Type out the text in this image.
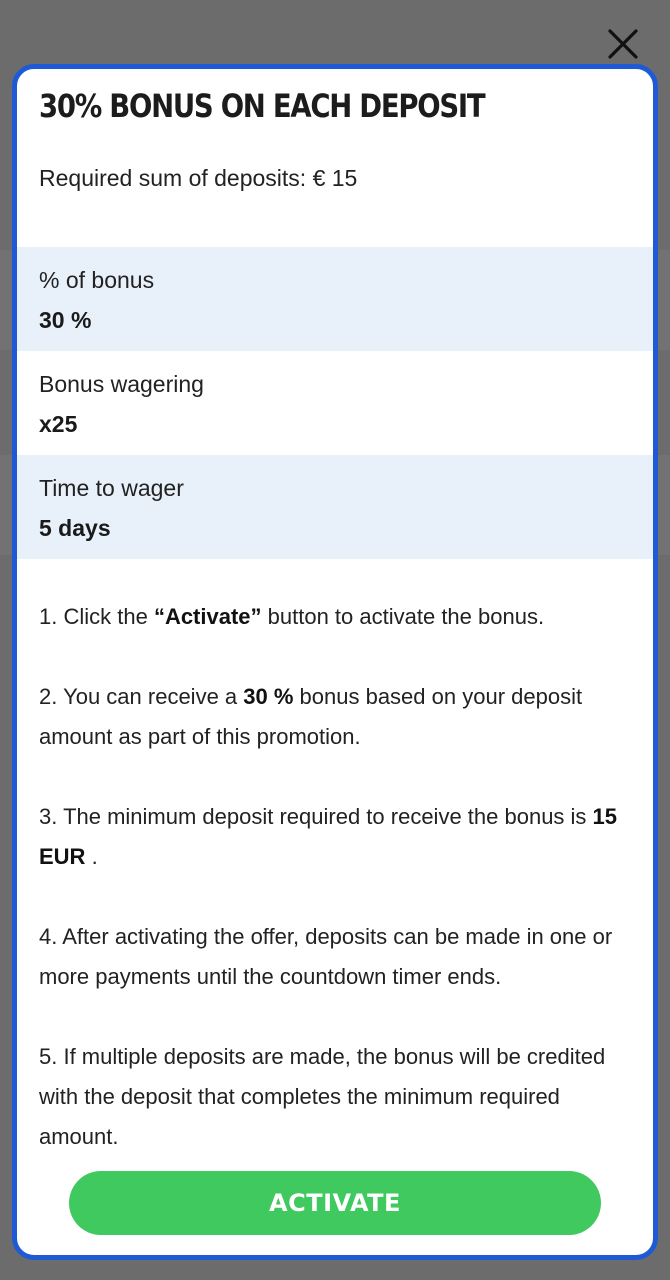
30% BONUS ON EACH DEPOSIT
Required sum of deposits: € 15
% of bonus
30 %
Bonus wagering
x25
Time to wager
5 days

1. Click the “Activate” button to activate the bonus.

2. You can receive a 30 % bonus based on your deposit amount as part of this promotion.

3. The minimum deposit required to receive the bonus is 15 EUR .

4. After activating the offer, deposits can be made in one or more payments until the countdown timer ends.

5. If multiple deposits are made, the bonus will be credited with the deposit that completes the minimum required amount.

ACTIVATE
